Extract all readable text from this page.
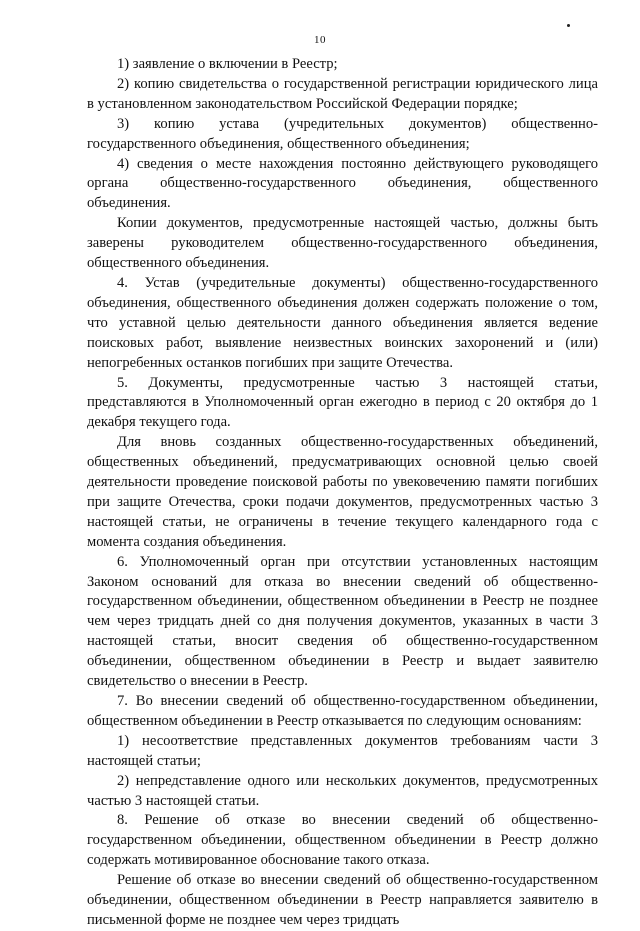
10

1) заявление о включении в Реестр;

2) копию свидетельства о государственной регистрации юридического лица в установленном законодательством Российской Федерации порядке;

3) копию устава (учредительных документов) общественно-государственного объединения, общественного объединения;

4) сведения о месте нахождения постоянно действующего руководящего органа общественно-государственного объединения, общественного объединения.

Копии документов, предусмотренные настоящей частью, должны быть заверены руководителем общественно-государственного объединения, общественного объединения.

4. Устав (учредительные документы) общественно-государственного объединения, общественного объединения должен содержать положение о том, что уставной целью деятельности данного объединения является ведение поисковых работ, выявление неизвестных воинских захоронений и (или) непогребенных останков погибших при защите Отечества.

5. Документы, предусмотренные частью 3 настоящей статьи, представляются в Уполномоченный орган ежегодно в период с 20 октября до 1 декабря текущего года.

Для вновь созданных общественно-государственных объединений, общественных объединений, предусматривающих основной целью своей деятельности проведение поисковой работы по увековечению памяти погибших при защите Отечества, сроки подачи документов, предусмотренных частью 3 настоящей статьи, не ограничены в течение текущего календарного года с момента создания объединения.

6. Уполномоченный орган при отсутствии установленных настоящим Законом оснований для отказа во внесении сведений об общественно-государственном объединении, общественном объединении в Реестр не позднее чем через тридцать дней со дня получения документов, указанных в части 3 настоящей статьи, вносит сведения об общественно-государственном объединении, общественном объединении в Реестр и выдает заявителю свидетельство о внесении в Реестр.

7. Во внесении сведений об общественно-государственном объединении, общественном объединении в Реестр отказывается по следующим основаниям:

1) несоответствие представленных документов требованиям части 3 настоящей статьи;

2) непредставление одного или нескольких документов, предусмотренных частью 3 настоящей статьи.

8. Решение об отказе во внесении сведений об общественно-государственном объединении, общественном объединении в Реестр должно содержать мотивированное обоснование такого отказа.

Решение об отказе во внесении сведений об общественно-государственном объединении, общественном объединении в Реестр направляется заявителю в письменной форме не позднее чем через тридцать
